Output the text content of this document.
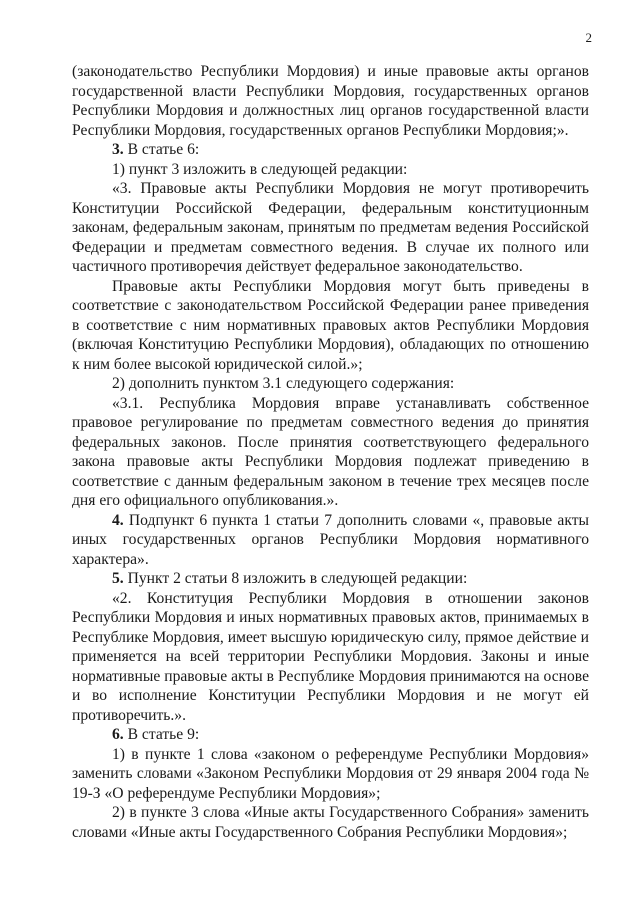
2

(законодательство Республики Мордовия) и иные правовые акты органов государственной власти Республики Мордовия, государственных органов Республики Мордовия и должностных лиц органов государственной власти Республики Мордовия, государственных органов Республики Мордовия;».

3. В статье 6:

1) пункт 3 изложить в следующей редакции:

«3. Правовые акты Республики Мордовия не могут противоречить Конституции Российской Федерации, федеральным конституционным законам, федеральным законам, принятым по предметам ведения Российской Федерации и предметам совместного ведения. В случае их полного или частичного противоречия действует федеральное законодательство.

Правовые акты Республики Мордовия могут быть приведены в соответствие с законодательством Российской Федерации ранее приведения в соответствие с ним нормативных правовых актов Республики Мордовия (включая Конституцию Республики Мордовия), обладающих по отношению к ним более высокой юридической силой.»;

2) дополнить пунктом 3.1 следующего содержания:

«3.1. Республика Мордовия вправе устанавливать собственное правовое регулирование по предметам совместного ведения до принятия федеральных законов. После принятия соответствующего федерального закона правовые акты Республики Мордовия подлежат приведению в соответствие с данным федеральным законом в течение трех месяцев после дня его официального опубликования.».

4. Подпункт 6 пункта 1 статьи 7 дополнить словами «, правовые акты иных государственных органов Республики Мордовия нормативного характера».

5. Пункт 2 статьи 8 изложить в следующей редакции:

«2. Конституция Республики Мордовия в отношении законов Республики Мордовия и иных нормативных правовых актов, принимаемых в Республике Мордовия, имеет высшую юридическую силу, прямое действие и применяется на всей территории Республики Мордовия. Законы и иные нормативные правовые акты в Республике Мордовия принимаются на основе и во исполнение Конституции Республики Мордовия и не могут ей противоречить.».

6. В статье 9:

1) в пункте 1 слова «законом о референдуме Республики Мордовия» заменить словами «Законом Республики Мордовия от 29 января 2004 года № 19-З «О референдуме Республики Мордовия»;

2) в пункте 3 слова «Иные акты Государственного Собрания» заменить словами «Иные акты Государственного Собрания Республики Мордовия»;
